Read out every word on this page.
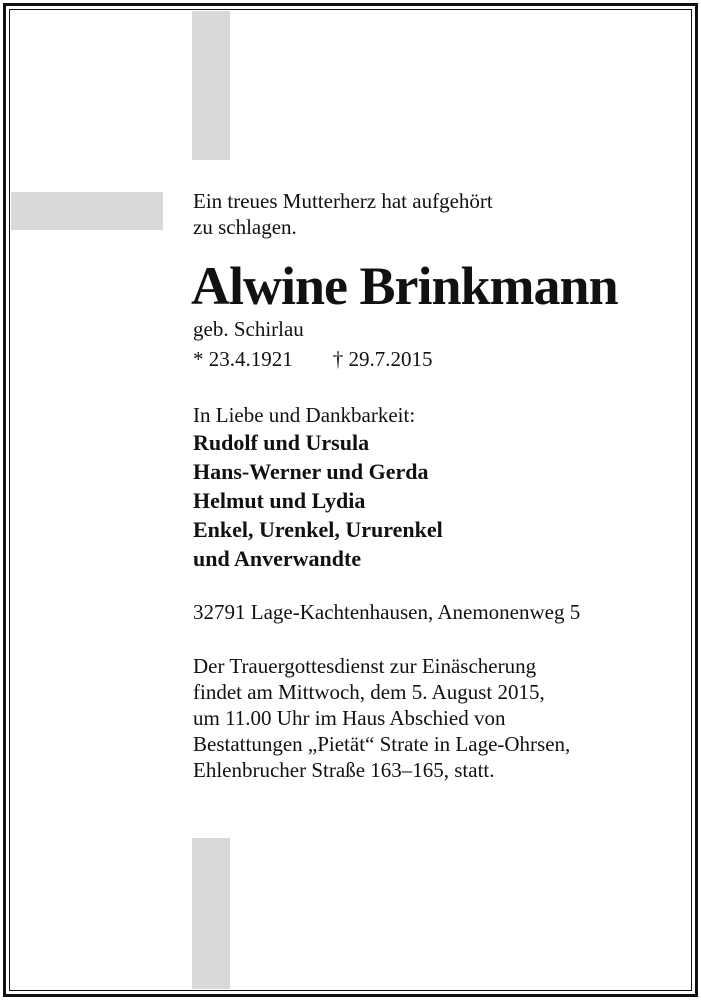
Ein treues Mutterherz hat aufgehört
zu schlagen.
Alwine Brinkmann
geb. Schirlau
* 23.4.1921 † 29.7.2015
In Liebe und Dankbarkeit:
Rudolf und Ursula
Hans-Werner und Gerda
Helmut und Lydia
Enkel, Urenkel, Ururenkel
und Anverwandte
32791 Lage-Kachtenhausen, Anemonenweg 5
Der Trauergottesdienst zur Einäscherung
findet am Mittwoch, dem 5. August 2015,
um 11.00 Uhr im Haus Abschied von
Bestattungen „Pietät“ Strate in Lage-Ohrsen,
Ehlenbrucher Straße 163–165, statt.
